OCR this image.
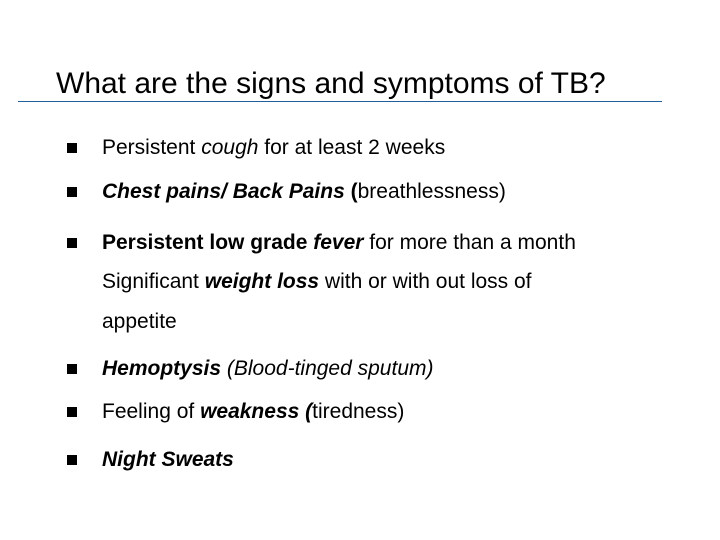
What are the signs and symptoms of TB?
Persistent cough for at least 2 weeks
Chest pains/ Back Pains (breathlessness)
Persistent low grade fever for more than a month
Significant weight loss with or with out loss of
appetite
Hemoptysis (Blood-tinged sputum)
Feeling of weakness (tiredness)
Night Sweats
